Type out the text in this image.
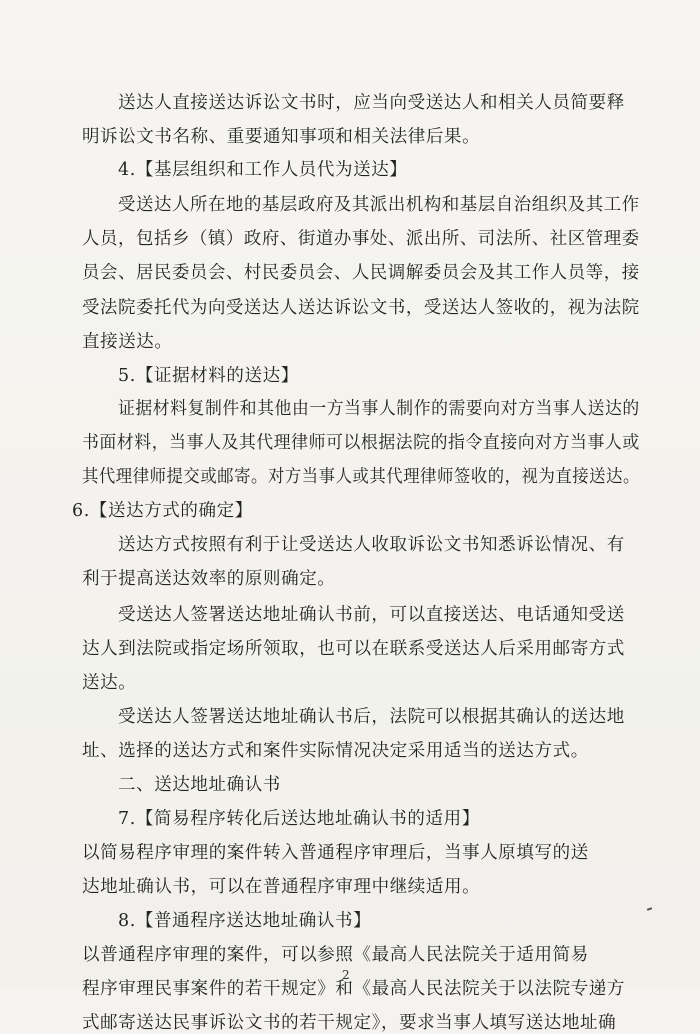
送达人直接送达诉讼文书时，应当向受送达人和相关人员简要释
明诉讼文书名称、重要通知事项和相关法律后果。
4.【基层组织和工作人员代为送达】
受送达人所在地的基层政府及其派出机构和基层自治组织及其工作
人员，包括乡（镇）政府、街道办事处、派出所、司法所、社区管理委
员会、居民委员会、村民委员会、人民调解委员会及其工作人员等，接
受法院委托代为向受送达人送达诉讼文书，受送达人签收的，视为法院
直接送达。
5.【证据材料的送达】
证据材料复制件和其他由一方当事人制作的需要向对方当事人送达的
书面材料，当事人及其代理律师可以根据法院的指令直接向对方当事人或
其代理律师提交或邮寄。对方当事人或其代理律师签收的，视为直接送达。
6.【送达方式的确定】
送达方式按照有利于让受送达人收取诉讼文书知悉诉讼情况、有
利于提高送达效率的原则确定。
受送达人签署送达地址确认书前，可以直接送达、电话通知受送
达人到法院或指定场所领取，也可以在联系受送达人后采用邮寄方式
送达。
受送达人签署送达地址确认书后，法院可以根据其确认的送达地
址、选择的送达方式和案件实际情况决定采用适当的送达方式。
二、送达地址确认书
7.【简易程序转化后送达地址确认书的适用】
以简易程序审理的案件转入普通程序审理后，当事人原填写的送
达地址确认书，可以在普通程序审理中继续适用。
8.【普通程序送达地址确认书】
以普通程序审理的案件，可以参照《最高人民法院关于适用简易
程序审理民事案件的若干规定》和《最高人民法院关于以法院专递方
式邮寄送达民事诉讼文书的若干规定》，要求当事人填写送达地址确
2
